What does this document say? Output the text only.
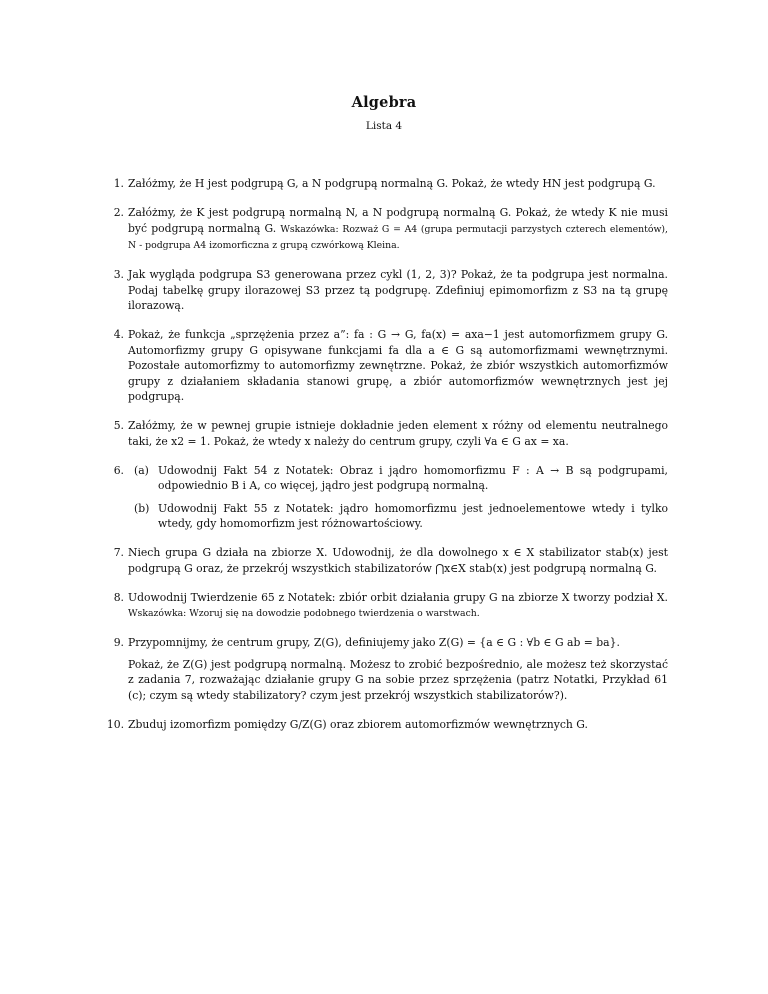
Algebra
Lista 4
1. Załóżmy, że H jest podgrupą G, a N podgrupą normalną G. Pokaż, że wtedy HN jest podgrupą G.
2. Załóżmy, że K jest podgrupą normalną N, a N podgrupą normalną G. Pokaż, że wtedy K nie musi być podgrupą normalną G. Wskazówka: Rozważ G = A4 (grupa permutacji parzystych czterech elementów), N - podgrupa A4 izomorficzna z grupą czwórkową Kleina.
3. Jak wygląda podgrupa S3 generowana przez cykl (1, 2, 3)? Pokaż, że ta podgrupa jest normalna. Podaj tabelkę grupy ilorazowej S3 przez tą podgrupę. Zdefiniuj epimomorfizm z S3 na tą grupę ilorazową.
4. Pokaż, że funkcja „sprzężenia przez a”: fa : G → G, fa(x) = axa−1 jest automorfizmem grupy G. Automorfizmy grupy G opisywane funkcjami fa dla a ∈ G są automorfizmami wewnętrznymi. Pozostałe automorfizmy to automorfizmy zewnętrzne. Pokaż, że zbiór wszystkich automorfizmów grupy z działaniem składania stanowi grupę, a zbiór automorfizmów wewnętrznych jest jej podgrupą.
5. Załóżmy, że w pewnej grupie istnieje dokładnie jeden element x różny od elementu neutralnego taki, że x2 = 1. Pokaż, że wtedy x należy do centrum grupy, czyli ∀a ∈ G ax = xa.
6. (a) Udowodnij Fakt 54 z Notatek: Obraz i jądro homomorfizmu F : A → B są podgrupami, odpowiednio B i A, co więcej, jądro jest podgrupą normalną.
(b) Udowodnij Fakt 55 z Notatek: jądro homomorfizmu jest jednoelementowe wtedy i tylko wtedy, gdy homomorfizm jest różnowartościowy.
7. Niech grupa G działa na zbiorze X. Udowodnij, że dla dowolnego x ∈ X stabilizator stab(x) jest podgrupą G oraz, że przekrój wszystkich stabilizatorów ⋂x∈X stab(x) jest podgrupą normalną G.
8. Udowodnij Twierdzenie 65 z Notatek: zbiór orbit działania grupy G na zbiorze X tworzy podział X. Wskazówka: Wzoruj się na dowodzie podobnego twierdzenia o warstwach.
9. Przypomnijmy, że centrum grupy, Z(G), definiujemy jako Z(G) = {a ∈ G : ∀b ∈ G ab = ba}.
Pokaż, że Z(G) jest podgrupą normalną. Możesz to zrobić bezpośrednio, ale możesz też skorzystać z zadania 7, rozważając działanie grupy G na sobie przez sprzężenia (patrz Notatki, Przykład 61 (c); czym są wtedy stabilizatory? czym jest przekrój wszystkich stabilizatorów?).
10. Zbuduj izomorfizm pomiędzy G/Z(G) oraz zbiorem automorfizmów wewnętrznych G.
